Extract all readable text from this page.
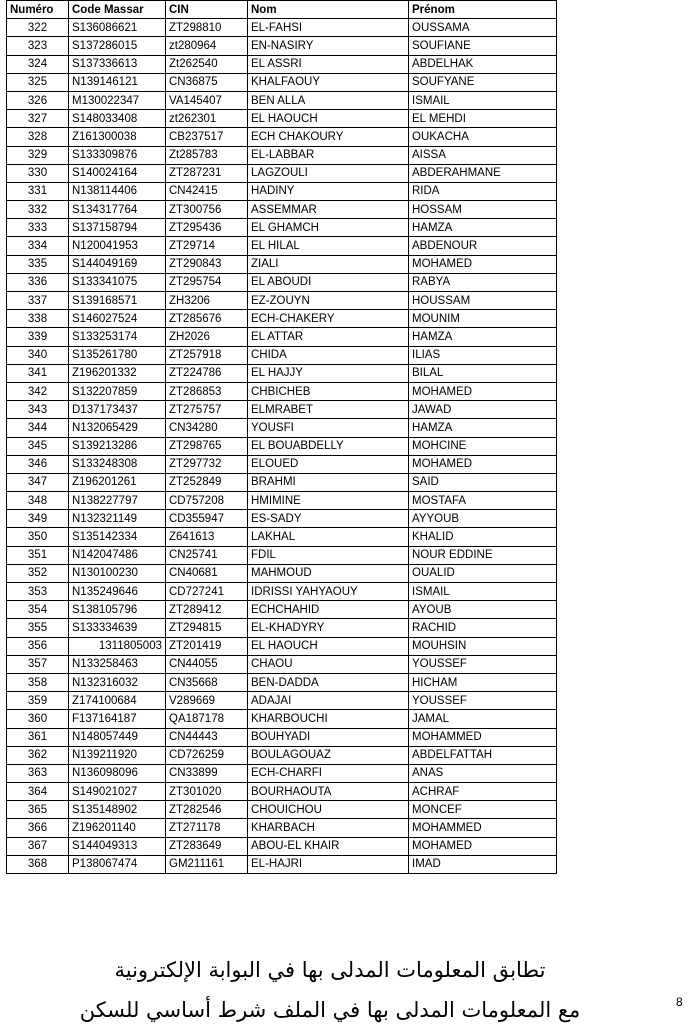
Numéro	Code Massar	CIN	Nom	Prénom
322	S136086621	ZT298810	EL-FAHSI	OUSSAMA
323	S137286015	zt280964	EN-NASIRY	SOUFIANE
324	S137336613	Zt262540	EL ASSRI	ABDELHAK
325	N139146121	CN36875	KHALFAOUY	SOUFYANE
326	M130022347	VA145407	BEN ALLA	ISMAIL
327	S148033408	zt262301	EL HAOUCH	EL MEHDI
328	Z161300038	CB237517	ECH CHAKOURY	OUKACHA
329	S133309876	Zt285783	EL-LABBAR	AISSA
330	S140024164	ZT287231	LAGZOULI	ABDERAHMANE
331	N138114406	CN42415	HADINY	RIDA
332	S134317764	ZT300756	ASSEMMAR	HOSSAM
333	S137158794	ZT295436	EL GHAMCH	HAMZA
334	N120041953	ZT29714	EL HILAL	ABDENOUR
335	S144049169	ZT290843	ZIALI	MOHAMED
336	S133341075	ZT295754	EL ABOUDI	RABYA
337	S139168571	ZH3206	EZ-ZOUYN	HOUSSAM
338	S146027524	ZT285676	ECH-CHAKERY	MOUNIM
339	S133253174	ZH2026	EL ATTAR	HAMZA
340	S135261780	ZT257918	CHIDA	ILIAS
341	Z196201332	ZT224786	EL HAJJY	BILAL
342	S132207859	ZT286853	CHBICHEB	MOHAMED
343	D137173437	ZT275757	ELMRABET	JAWAD
344	N132065429	CN34280	YOUSFI	HAMZA
345	S139213286	ZT298765	EL BOUABDELLY	MOHCINE
346	S133248308	ZT297732	ELOUED	MOHAMED
347	Z196201261	ZT252849	BRAHMI	SAID
348	N138227797	CD757208	HMIMINE	MOSTAFA
349	N132321149	CD355947	ES-SADY	AYYOUB
350	S135142334	Z641613	LAKHAL	KHALID
351	N142047486	CN25741	FDIL	NOUR EDDINE
352	N130100230	CN40681	MAHMOUD	OUALID
353	N135249646	CD727241	IDRISSI YAHYAOUY	ISMAIL
354	S138105796	ZT289412	ECHCHAHID	AYOUB
355	S133334639	ZT294815	EL-KHADYRY	RACHID
356	1311805003	ZT201419	EL HAOUCH	MOUHSIN
357	N133258463	CN44055	CHAOU	YOUSSEF
358	N132316032	CN35668	BEN-DADDA	HICHAM
359	Z174100684	V289669	ADAJAI	YOUSSEF
360	F137164187	QA187178	KHARBOUCHI	JAMAL
361	N148057449	CN44443	BOUHYADI	MOHAMMED
362	N139211920	CD726259	BOULAGOUAZ	ABDELFATTAH
363	N136098096	CN33899	ECH-CHARFI	ANAS
364	S149021027	ZT301020	BOURHAOUTA	ACHRAF
365	S135148902	ZT282546	CHOUICHOU	MONCEF
366	Z196201140	ZT271178	KHARBACH	MOHAMMED
367	S144049313	ZT283649	ABOU-EL KHAIR	MOHAMED
368	P138067474	GM211161	EL-HAJRI	IMAD
تطابق المعلومات المدلى بها في البوابة الإلكترونية
مع المعلومات المدلى بها في الملف شرط أساسي للسكن	8
